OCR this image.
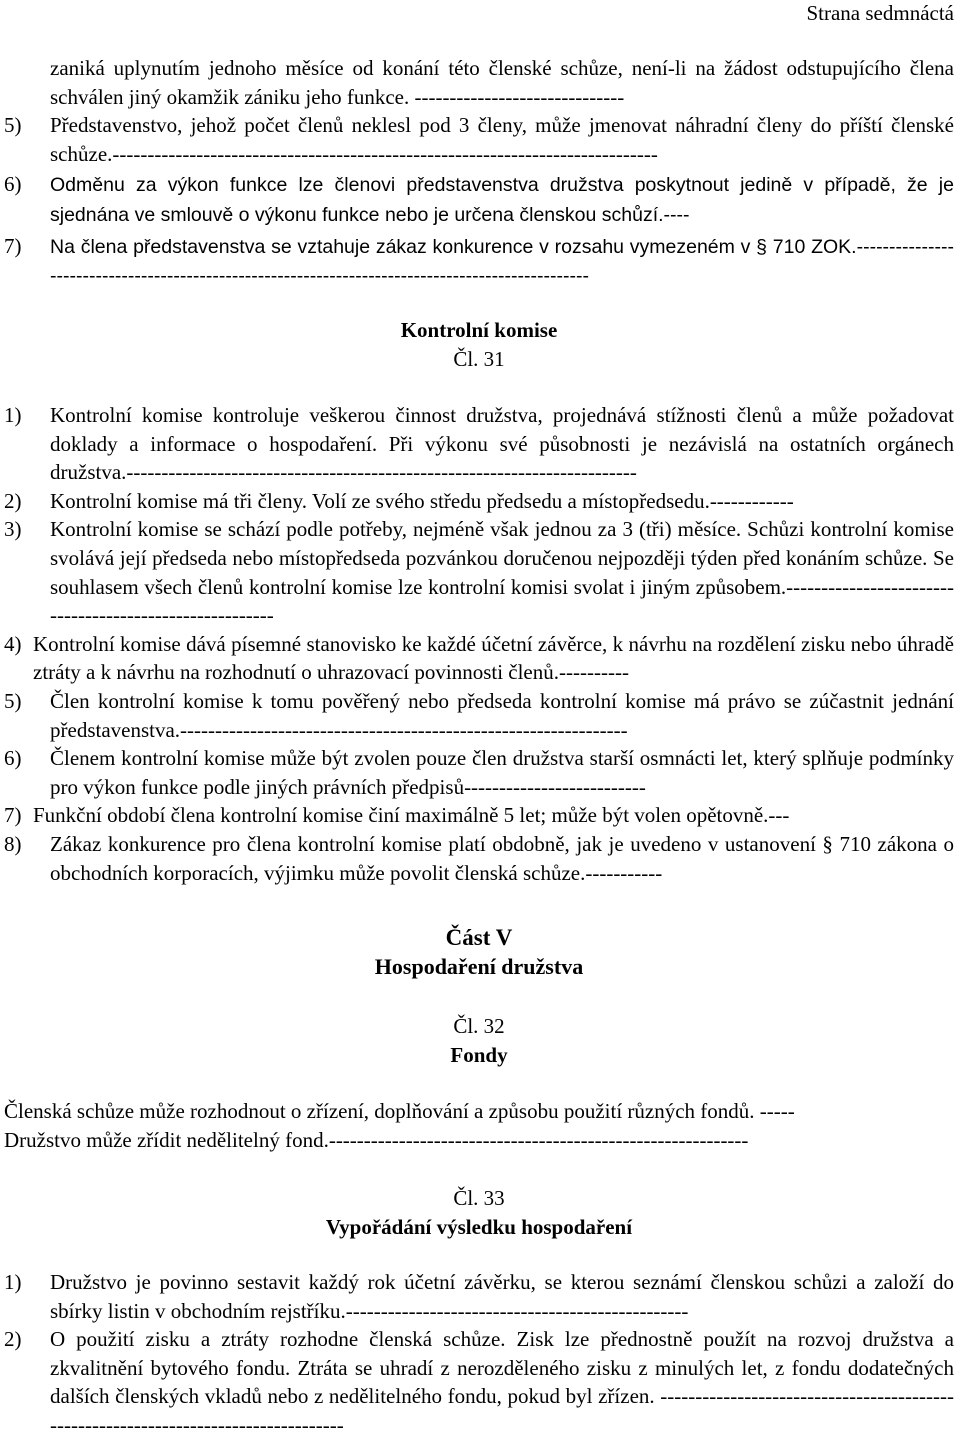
Strana sedmnáctá

zaniká uplynutím jednoho měsíce od konání této členské schůze, není-li na žádost odstupujícího člena schválen jiný okamžik zániku jeho funkce. ------------------------------

5) Představenstvo, jehož počet členů neklesl pod 3 členy, může jmenovat náhradní členy do příští členské schůze.------------------------------------------------------------------------------
6) Odměnu za výkon funkce lze členovi představenstva družstva poskytnout jedině v případě, že je sjednána ve smlouvě o výkonu funkce nebo je určena členskou schůzí.----
7) Na člena představenstva se vztahuje zákaz konkurence v rozsahu vymezeném v § 710 ZOK.--------------------------------------------------------------------------------------------------
Kontrolní komise
Čl. 31
1) Kontrolní komise kontroluje veškerou činnost družstva, projednává stížnosti členů a může požadovat doklady a informace o hospodaření. Při výkonu své působnosti je nezávislá na ostatních orgánech družstva.-------------------------------------------------------------------------
2) Kontrolní komise má tři členy. Volí ze svého středu předsedu a místopředsedu.------------
3) Kontrolní komise se schází podle potřeby, nejméně však jednou za 3 (tři) měsíce. Schůzi kontrolní komise svolává její předseda nebo místopředseda pozvánkou doručenou nejpozději týden před konáním schůze. Se souhlasem všech členů kontrolní komise lze kontrolní komisi svolat i jiným způsobem.--------------------------------------------------------
4) Kontrolní komise dává písemné stanovisko ke každé účetní závěrce, k návrhu na rozdělení zisku nebo úhradě ztráty a k návrhu na rozhodnutí o uhrazovací povinnosti členů.----------
5) Člen kontrolní komise k tomu pověřený nebo předseda kontrolní komise má právo se zúčastnit jednání představenstva.----------------------------------------------------------------
6) Členem kontrolní komise může být zvolen pouze člen družstva starší osmnácti let, který splňuje podmínky pro výkon funkce podle jiných právních předpisů--------------------------
7) Funkční období člena kontrolní komise činí maximálně 5 let; může být volen opětovně.---
8) Zákaz konkurence pro člena kontrolní komise platí obdobně, jak je uvedeno v ustanovení § 710 zákona o obchodních korporacích, výjimku může povolit členská schůze.-----------
Část V
Hospodaření družstva
Čl. 32
Fondy

Členská schůze může rozhodnout o zřízení, doplňování a způsobu použití různých fondů. -----

Družstvo může zřídit nedělitelný fond.------------------------------------------------------------

Čl. 33
Vypořádání výsledku hospodaření
1) Družstvo je povinno sestavit každý rok účetní závěrku, se kterou seznámí členskou schůzi a založí do sbírky listin v obchodním rejstříku.-------------------------------------------------
2) O použití zisku a ztráty rozhodne členská schůze. Zisk lze přednostně použít na rozvoj družstva a zkvalitnění bytového fondu. Ztráta se uhradí z nerozděleného zisku z minulých let, z fondu dodatečných dalších členských vkladů nebo z nedělitelného fondu, pokud byl zřízen. ------------------------------------------------------------------------------------
